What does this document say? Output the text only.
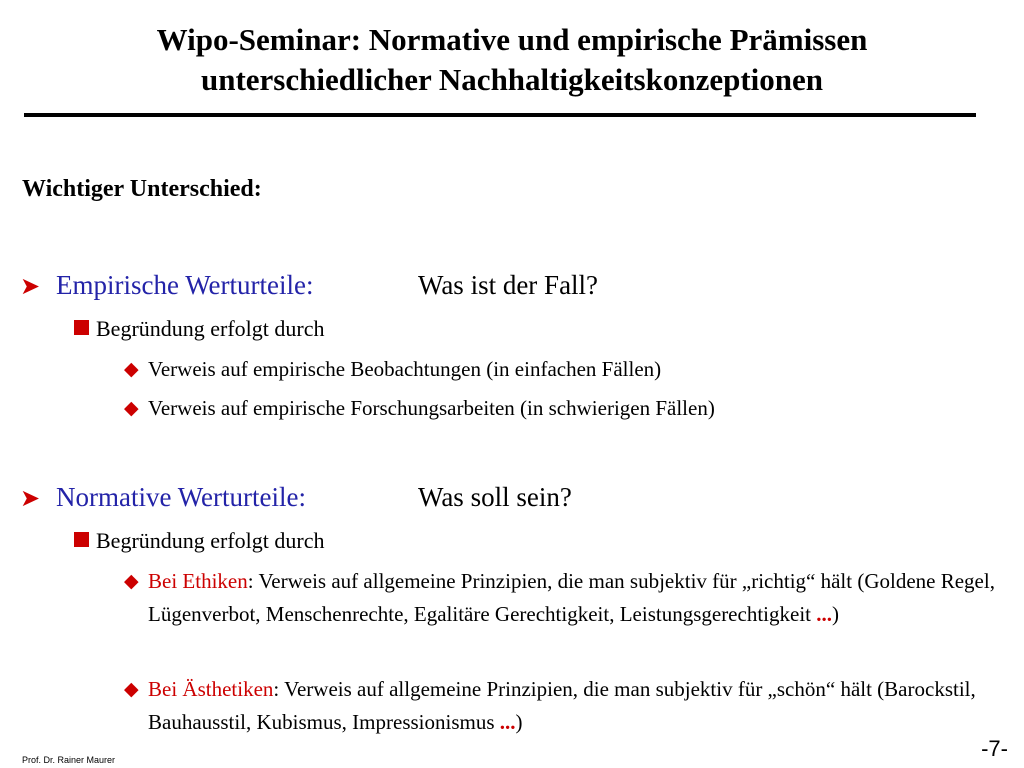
Wipo-Seminar: Normative und empirische Prämissen
unterschiedlicher Nachhaltigkeitskonzeptionen
Wichtiger Unterschied:
➤ Empirische Werturteile:	Was ist der Fall?
Begründung erfolgt durch
◆ Verweis auf empirische Beobachtungen (in einfachen Fällen)
◆ Verweis auf empirische Forschungsarbeiten (in schwierigen Fällen)
➤ Normative Werturteile:	Was soll sein?
Begründung erfolgt durch
◆ Bei Ethiken: Verweis auf allgemeine Prinzipien, die man subjektiv für „richtig“ hält (Goldene Regel, Lügenverbot, Menschenrechte, Egalitäre Gerechtigkeit, Leistungsgerechtigkeit ...)
◆ Bei Ästhetiken: Verweis auf allgemeine Prinzipien, die man subjektiv für „schön“ hält (Barockstil, Bauhausstil, Kubismus, Impressionismus ...)
Prof. Dr. Rainer Maurer	-7-
